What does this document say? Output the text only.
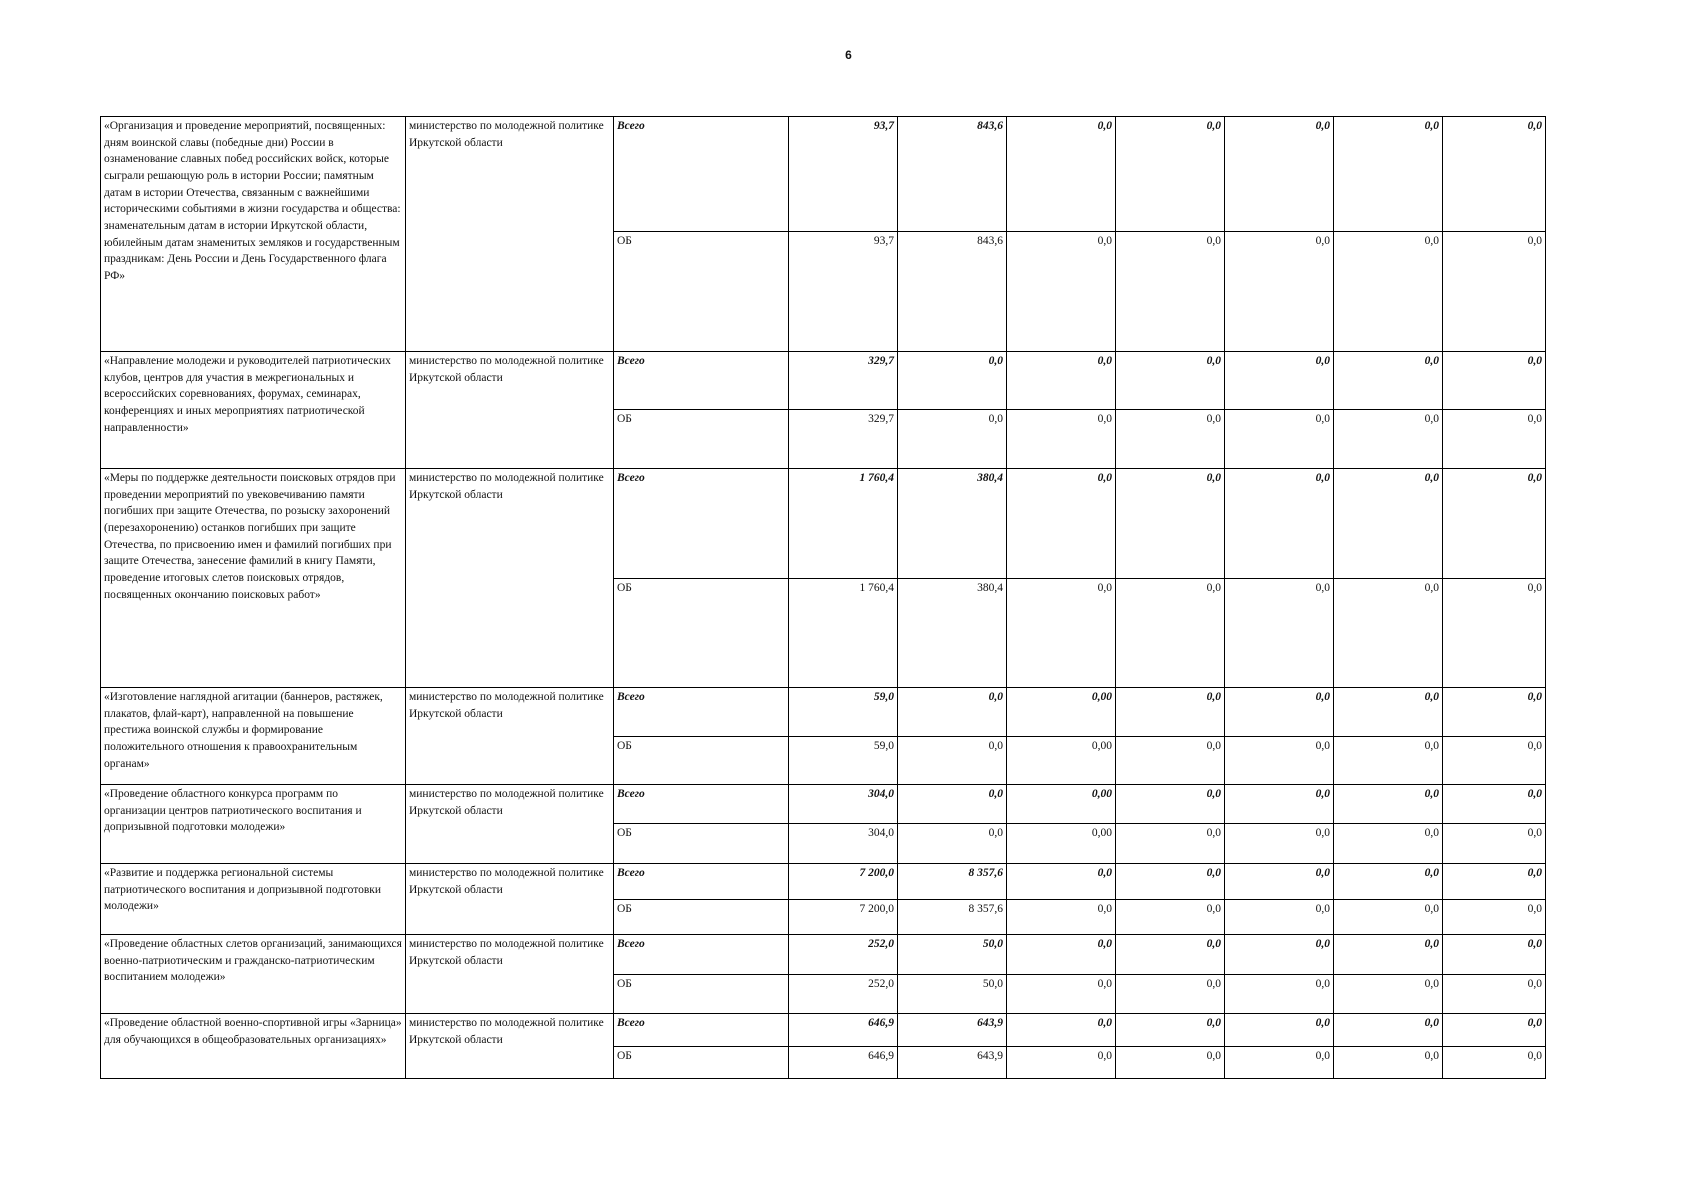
6
«Организация и проведение мероприятий, посвященных: дням воинской славы (победные дни) России в ознаменование славных побед российских войск, которые сыграли решающую роль в истории России; памятным датам в истории Отечества, связанным с важнейшими историческими событиями в жизни государства и общества: знаменательным датам в истории Иркутской области, юбилейным датам знаменитых земляков и государственным праздникам: День России и День Государственного флага РФ»	министерство по молодежной политике Иркутской области	Всего	93,7	843,6	0,0	0,0	0,0	0,0	0,0
		ОБ	93,7	843,6	0,0	0,0	0,0	0,0	0,0
«Направление молодежи и руководителей патриотических клубов, центров для участия в межрегиональных и всероссийских соревнованиях, форумах, семинарах, конференциях и иных мероприятиях патриотической направленности»	министерство по молодежной политике Иркутской области	Всего	329,7	0,0	0,0	0,0	0,0	0,0	0,0
		ОБ	329,7	0,0	0,0	0,0	0,0	0,0	0,0
«Меры по поддержке деятельности поисковых отрядов при проведении мероприятий по увековечиванию памяти погибших при защите Отечества, по розыску захоронений (перезахоронению) останков погибших при защите Отечества, по присвоению имен и фамилий погибших при защите Отечества, занесение фамилий в книгу Памяти, проведение итоговых слетов поисковых отрядов, посвященных окончанию поисковых работ»	министерство по молодежной политике Иркутской области	Всего	1 760,4	380,4	0,0	0,0	0,0	0,0	0,0
		ОБ	1 760,4	380,4	0,0	0,0	0,0	0,0	0,0
«Изготовление наглядной агитации (баннеров, растяжек, плакатов, флай-карт), направленной на повышение престижа воинской службы и формирование положительного отношения к правоохранительным органам»	министерство по молодежной политике Иркутской области	Всего	59,0	0,0	0,00	0,0	0,0	0,0	0,0
		ОБ	59,0	0,0	0,00	0,0	0,0	0,0	0,0
«Проведение областного конкурса программ по организации центров патриотического воспитания и допризывной подготовки молодежи»	министерство по молодежной политике Иркутской области	Всего	304,0	0,0	0,00	0,0	0,0	0,0	0,0
		ОБ	304,0	0,0	0,00	0,0	0,0	0,0	0,0
«Развитие и поддержка региональной системы патриотического воспитания и допризывной подготовки молодежи»	министерство по молодежной политике Иркутской области	Всего	7 200,0	8 357,6	0,0	0,0	0,0	0,0	0,0
		ОБ	7 200,0	8 357,6	0,0	0,0	0,0	0,0	0,0
«Проведение областных слетов организаций, занимающихся военно-патриотическим и гражданско-патриотическим воспитанием молодежи»	министерство по молодежной политике Иркутской области	Всего	252,0	50,0	0,0	0,0	0,0	0,0	0,0
		ОБ	252,0	50,0	0,0	0,0	0,0	0,0	0,0
«Проведение областной военно-спортивной игры «Зарница» для обучающихся в общеобразовательных организациях»	министерство по молодежной политике Иркутской области	Всего	646,9	643,9	0,0	0,0	0,0	0,0	0,0
		ОБ	646,9	643,9	0,0	0,0	0,0	0,0	0,0
